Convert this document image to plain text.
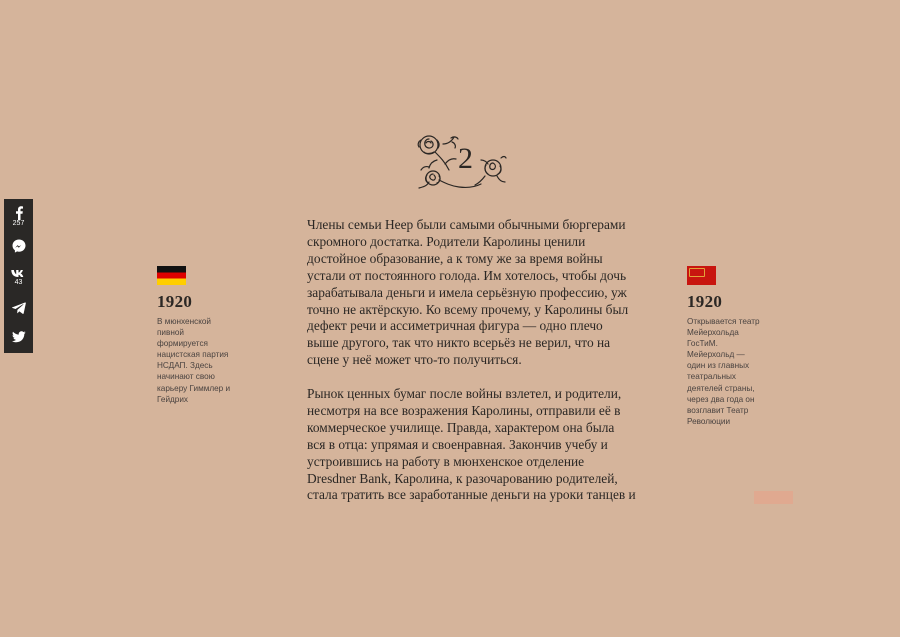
257
43
2

Члены семьи Неер были самыми обычными бюргерами
скромного достатка. Родители Каролины ценили
достойное образование, а к тому же за время войны
устали от постоянного голода. Им хотелось, чтобы дочь
зарабатывала деньги и имела серьёзную профессию, уж
точно не актёрскую. Ко всему прочему, у Каролины был
дефект речи и ассиметричная фигура — одно плечо
выше другого, так что никто всерьёз не верил, что на
сцене у неё может что-то получиться.

Рынок ценных бумаг после войны взлетел, и родители,
несмотря на все возражения Каролины, отправили её в
коммерческое училище. Правда, характером она была
вся в отца: упрямая и своенравная. Закончив учебу и
устроившись на работу в мюнхенское отделение
Dresdner Bank, Каролина, к разочарованию родителей,
стала тратить все заработанные деньги на уроки танцев и

1920
В мюнхенской
пивной
формируется
нацистская партия
НСДАП. Здесь
начинают свою
карьеру Гиммлер и
Гейдрих
1920
Открывается театр
Мейерхольда
ГосТиМ.
Мейерхольд —
один из главных
театральных
деятелей страны,
через два года он
возглавит Театр
Революции
